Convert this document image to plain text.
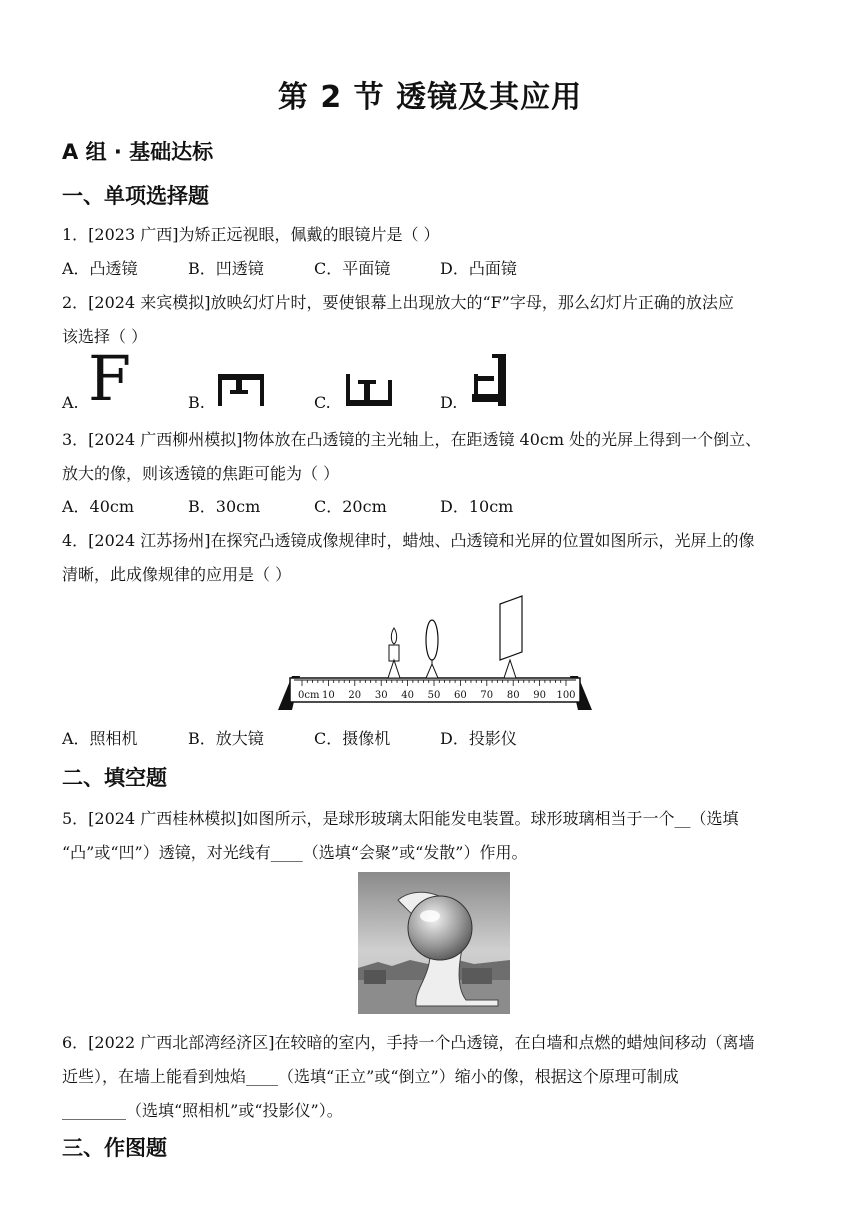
第 2 节 透镜及其应用
A 组 · 基础达标
一、单项选择题
1．[2023 广西]为矫正远视眼，佩戴的眼镜片是（ ）
A．凸透镜	B．凹透镜	C．平面镜	D．凸面镜
2．[2024 来宾模拟]放映幻灯片时，要使银幕上出现放大的“F”字母，那么幻灯片正确的放法应
该选择（ ）
A. F	B.	C.	D.
3．[2024 广西柳州模拟]物体放在凸透镜的主光轴上，在距透镜 40cm 处的光屏上得到一个倒立、
放大的像，则该透镜的焦距可能为（ ）
A．40cm	B．30cm	C．20cm	D．10cm
4．[2024 江苏扬州]在探究凸透镜成像规律时，蜡烛、凸透镜和光屏的位置如图所示，光屏上的像
清晰，此成像规律的应用是（ ）
0cm 10 20 30 40 50 60 70 80 90 100
A．照相机	B．放大镜	C．摄像机	D．投影仪
二、填空题
5．[2024 广西桂林模拟]如图所示，是球形玻璃太阳能发电装置。球形玻璃相当于一个__（选填
“凸”或“凹”）透镜，对光线有____（选填“会聚”或“发散”）作用。
6．[2022 广西北部湾经济区]在较暗的室内，手持一个凸透镜，在白墙和点燃的蜡烛间移动（离墙
近些），在墙上能看到烛焰____（选填“正立”或“倒立”）缩小的像，根据这个原理可制成
________（选填“照相机”或“投影仪”）。
三、作图题
